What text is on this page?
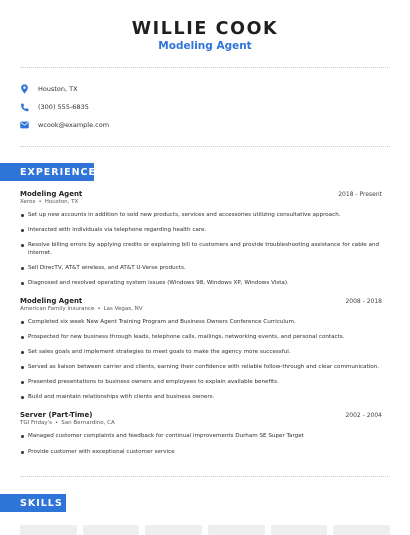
WILLIE COOK
Modeling Agent
Houston, TX
(300) 555-6835
wcook@example.com
EXPERIENCE
Modeling Agent	2018 - Present
Xerox • Houston, TX
Set up new accounts in addition to sold new products, services and accessories utilizing consultative approach.
Interacted with individuals via telephone regarding health care.
Resolve billing errors by applying credits or explaining bill to customers and provide troubleshooting assistance for cable and internet.
Sell DirecTV, AT&T wireless, and AT&T U-Verse products.
Diagnosed and resolved operating system issues (Windows 98, Windows XP, Windows Vista).
Modeling Agent	2008 - 2018
American Family Insurance • Las Vegas, NV
Completed six week New Agent Training Program and Business Owners Conference Curriculum.
Prospected for new business through leads, telephone calls, mailings, networking events, and personal contacts.
Set sales goals and implement strategies to meet goals to make the agency more successful.
Served as liaison between carrier and clients, earning their confidence with reliable follow-through and clear communication.
Presented presentations to business owners and employees to explain available benefits.
Build and maintain relationships with clients and business owners.
Server (Part-Time)	2002 - 2004
TGI Friday's • San Bernardino, CA
Managed customer complaints and feedback for continual improvements Durham SE Super Target
Provide customer with exceptional customer service
SKILLS
